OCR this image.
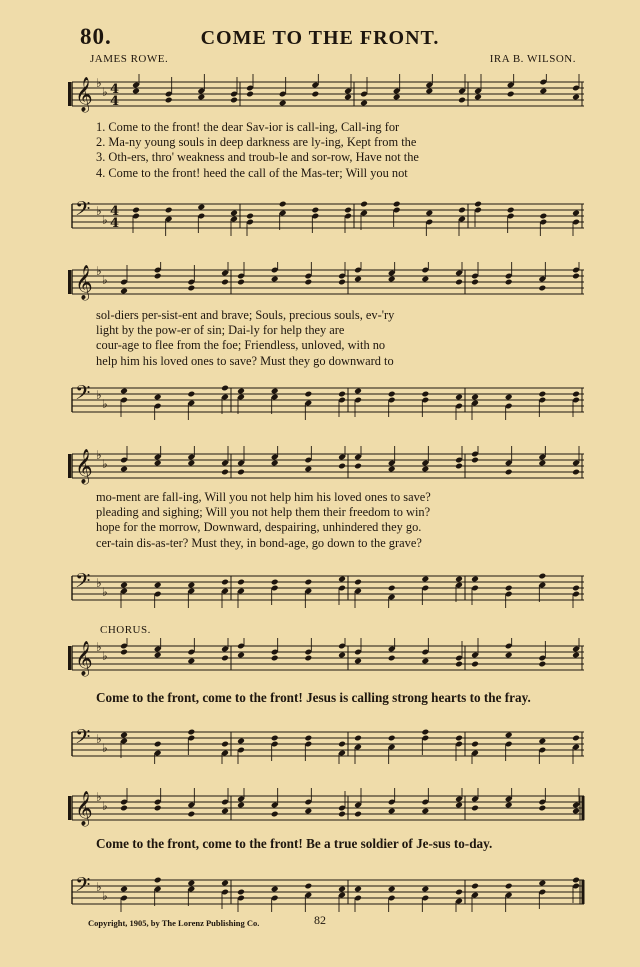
80.	COME TO THE FRONT.
JAMES ROWE.	IRA B. WILSON.
𝄞 ♭
♭ 4
4
1. Come to the front! the dear Sav-ior is call-ing, Call-ing for
2. Ma-ny young souls in deep darkness are ly-ing, Kept from the
3. Oth-ers, thro' weakness and troub-le and sor-row, Have not the
4. Come to the front! heed the call of the Mas-ter; Will you not
𝄢 ♭
♭
4
4
𝄞 ♭
♭
sol-diers per-sist-ent and brave; Souls, precious souls, ev-'ry
light by the pow-er of sin; Dai-ly for help they are
cour-age to flee from the foe; Friendless, unloved, with no
help him his loved ones to save? Must they go downward to
𝄢 ♭
♭
𝄞 ♭
♭
mo-ment are fall-ing, Will you not help him his loved ones to save?
pleading and sighing; Will you not help them their freedom to win?
hope for the morrow, Downward, despairing, unhindered they go.
cer-tain dis-as-ter? Must they, in bond-age, go down to the grave?
𝄢 ♭
♭
CHORUS.
𝄞 ♭
♭
Come to the front, come to the front! Jesus is calling strong hearts to the fray.
𝄢 ♭
♭
𝄞 ♭
♭
Come to the front, come to the front! Be a true soldier of Je-sus to-day.
𝄢 ♭
♭
Copyright, 1905, by The Lorenz Publishing Co.	82
